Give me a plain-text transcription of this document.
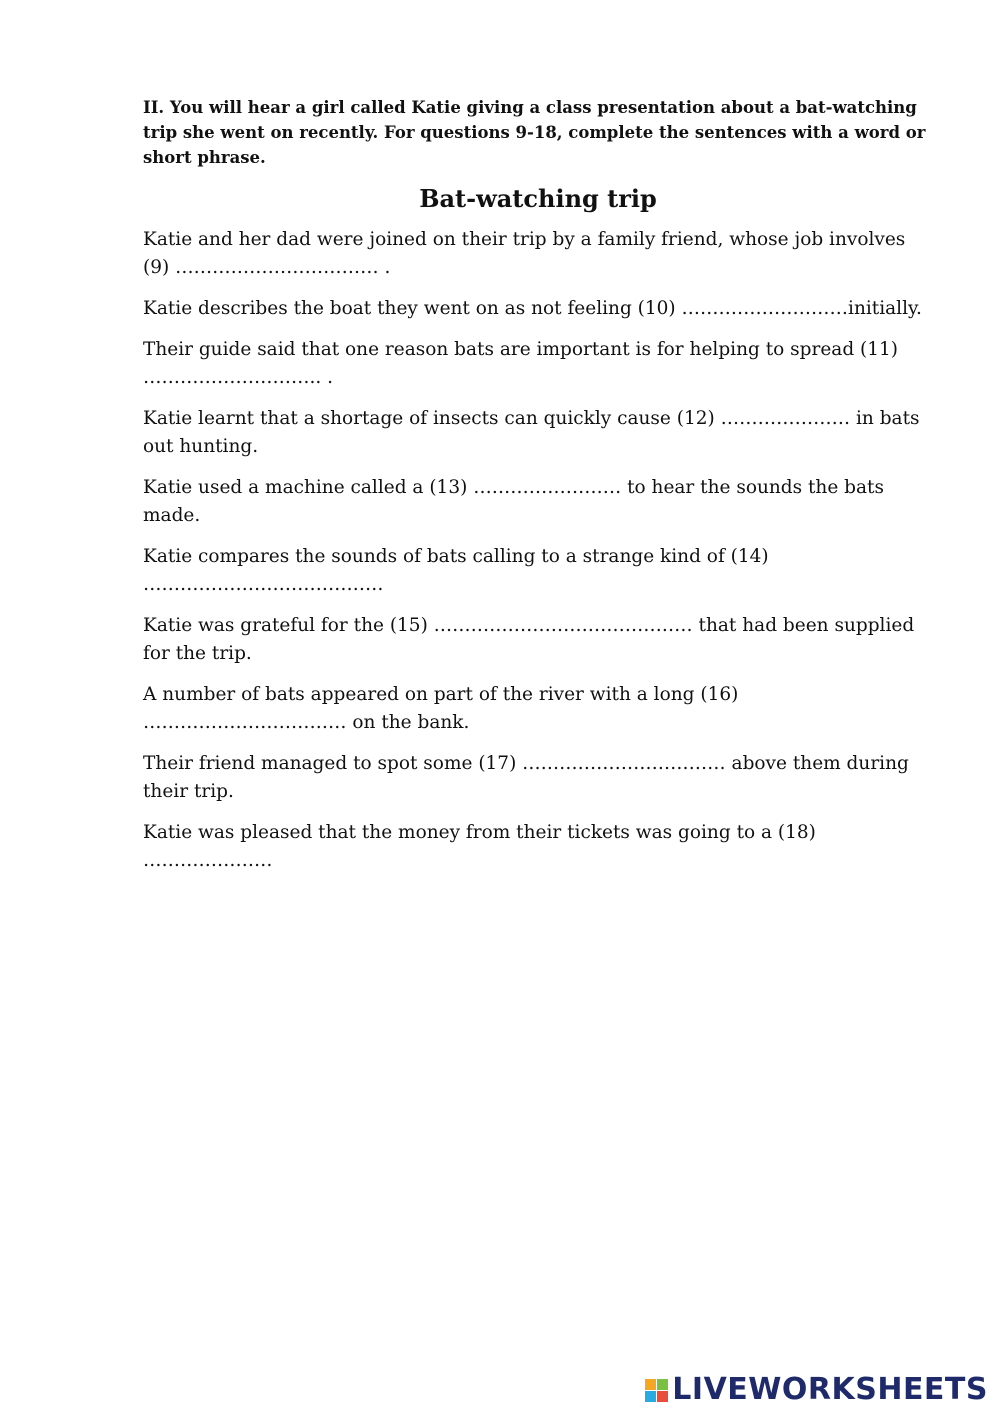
II. You will hear a girl called Katie giving a class presentation about a bat-watching trip she went on recently. For questions 9-18, complete the sentences with a word or short phrase.

Bat-watching trip

Katie and her dad were joined on their trip by a family friend, whose job involves (9) …………………………… .

Katie describes the boat they went on as not feeling (10) ………………………initially.

Their guide said that one reason bats are important is for helping to spread (11) ……………………….. .

Katie learnt that a shortage of insects can quickly cause (12) ………………… in bats out hunting.

Katie used a machine called a (13) …………………… to hear the sounds the bats made.

Katie compares the sounds of bats calling to a strange kind of (14) …………………………………

Katie was grateful for the (15) …………………………………… that had been supplied for the trip.

A number of bats appeared on part of the river with a long (16) …………………………… on the bank.

Their friend managed to spot some (17) …………………………… above them during their trip.

Katie was pleased that the money from their tickets was going to a (18) …………………

LIVEWORKSHEETS
